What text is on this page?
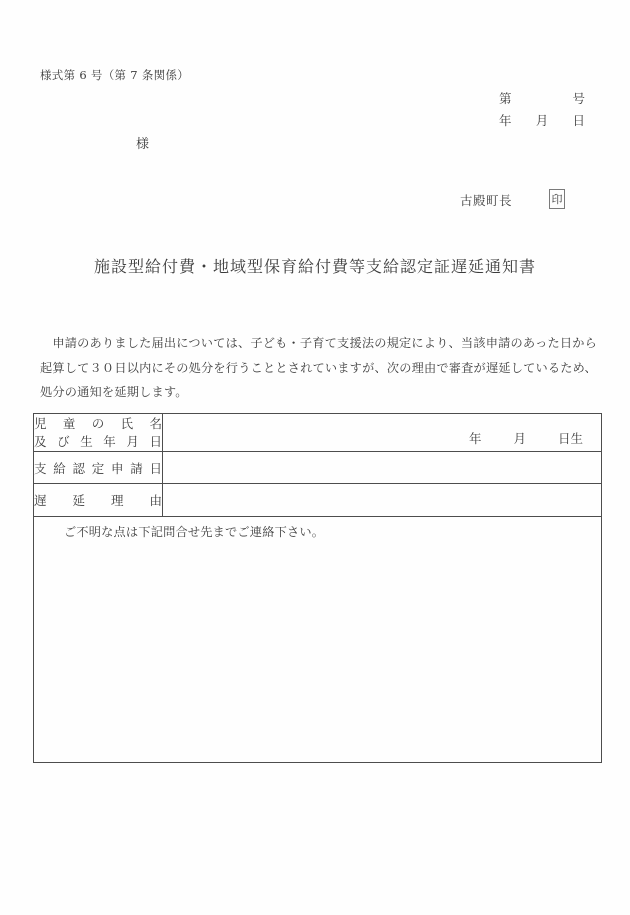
様式第 6 号（第 7 条関係）
第	号
年 月 日
様
古殿町長	印
施設型給付費・地域型保育給付費等支給認定証遅延通知書
　申請のありました届出については、子ども・子育て支援法の規定により、当該申請のあった日から
起算して３０日以内にその処分を行うこととされていますが、次の理由で審査が遅延しているため、
処分の通知を延期します。
児童の氏名
及び生年月日	年	月	日生

支給認定申請日	
遅延理由	

ご不明な点は下記問合せ先までご連絡下さい。	
